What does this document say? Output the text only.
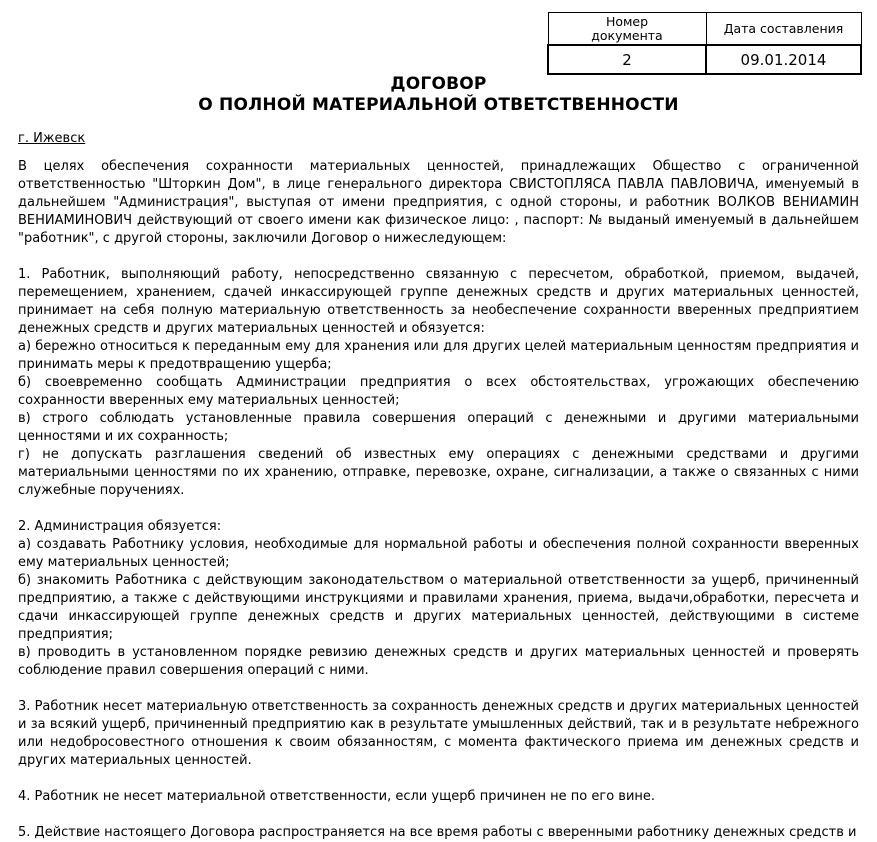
Номер
документа	Дата составления
2	09.01.2014
ДОГОВОР
О ПОЛНОЙ МАТЕРИАЛЬНОЙ ОТВЕТСТВЕННОСТИ
г. Ижевск

В целях обеспечения сохранности материальных ценностей, принадлежащих Общество с ограниченной ответственностью "Шторкин Дом", в лице генерального директора СВИСТОПЛЯСА ПАВЛА ПАВЛОВИЧА, именуемый в дальнейшем "Администрация", выступая от имени предприятия, с одной стороны, и работник ВОЛКОВ ВЕНИАМИН ВЕНИАМИНОВИЧ действующий от своего имени как физическое лицо: , паспорт: № выданый именуемый в дальнейшем "работник", с другой стороны, заключили Договор о нижеследующем:

1. Работник, выполняющий работу, непосредственно связанную с пересчетом, обработкой, приемом, выдачей, перемещением, хранением, сдачей инкассирующей группе денежных средств и других материальных ценностей, принимает на себя полную материальную ответственность за необеспечение сохранности вверенных предприятием денежных средств и других материальных ценностей и обязуется:

а) бережно относиться к переданным ему для хранения или для других целей материальным ценностям предприятия и принимать меры к предотвращению ущерба;

б) своевременно сообщать Администрации предприятия о всех обстоятельствах, угрожающих обеспечению сохранности вверенных ему материальных ценностей;

в) строго соблюдать установленные правила совершения операций с денежными и другими материальными ценностями и их сохранность;

г) не допускать разглашения сведений об известных ему операциях с денежными средствами и другими материальными ценностями по их хранению, отправке, перевозке, охране, сигнализации, а также о связанных с ними служебные поручениях.

2. Администрация обязуется:

а) создавать Работнику условия, необходимые для нормальной работы и обеспечения полной сохранности вверенных ему материальных ценностей;

б) знакомить Работника с действующим законодательством о материальной ответственности за ущерб, причиненный предприятию, а также с действующими инструкциями и правилами хранения, приема, выдачи,обработки, пересчета и сдачи инкассирующей группе денежных средств и других материальных ценностей, действующими в системе предприятия;

в) проводить в установленном порядке ревизию денежных средств и других материальных ценностей и проверять соблюдение правил совершения операций с ними.

3. Работник несет материальную ответственность за сохранность денежных средств и других материальных ценностей и за всякий ущерб, причиненный предприятию как в результате умышленных действий, так и в результате небрежного или недобросовестного отношения к своим обязанностям, с момента фактического приема им денежных средств и других материальных ценностей.

4. Работник не несет материальной ответственности, если ущерб причинен не по его вине.

5. Действие настоящего Договора распространяется на все время работы с вверенными работнику денежных средств и
